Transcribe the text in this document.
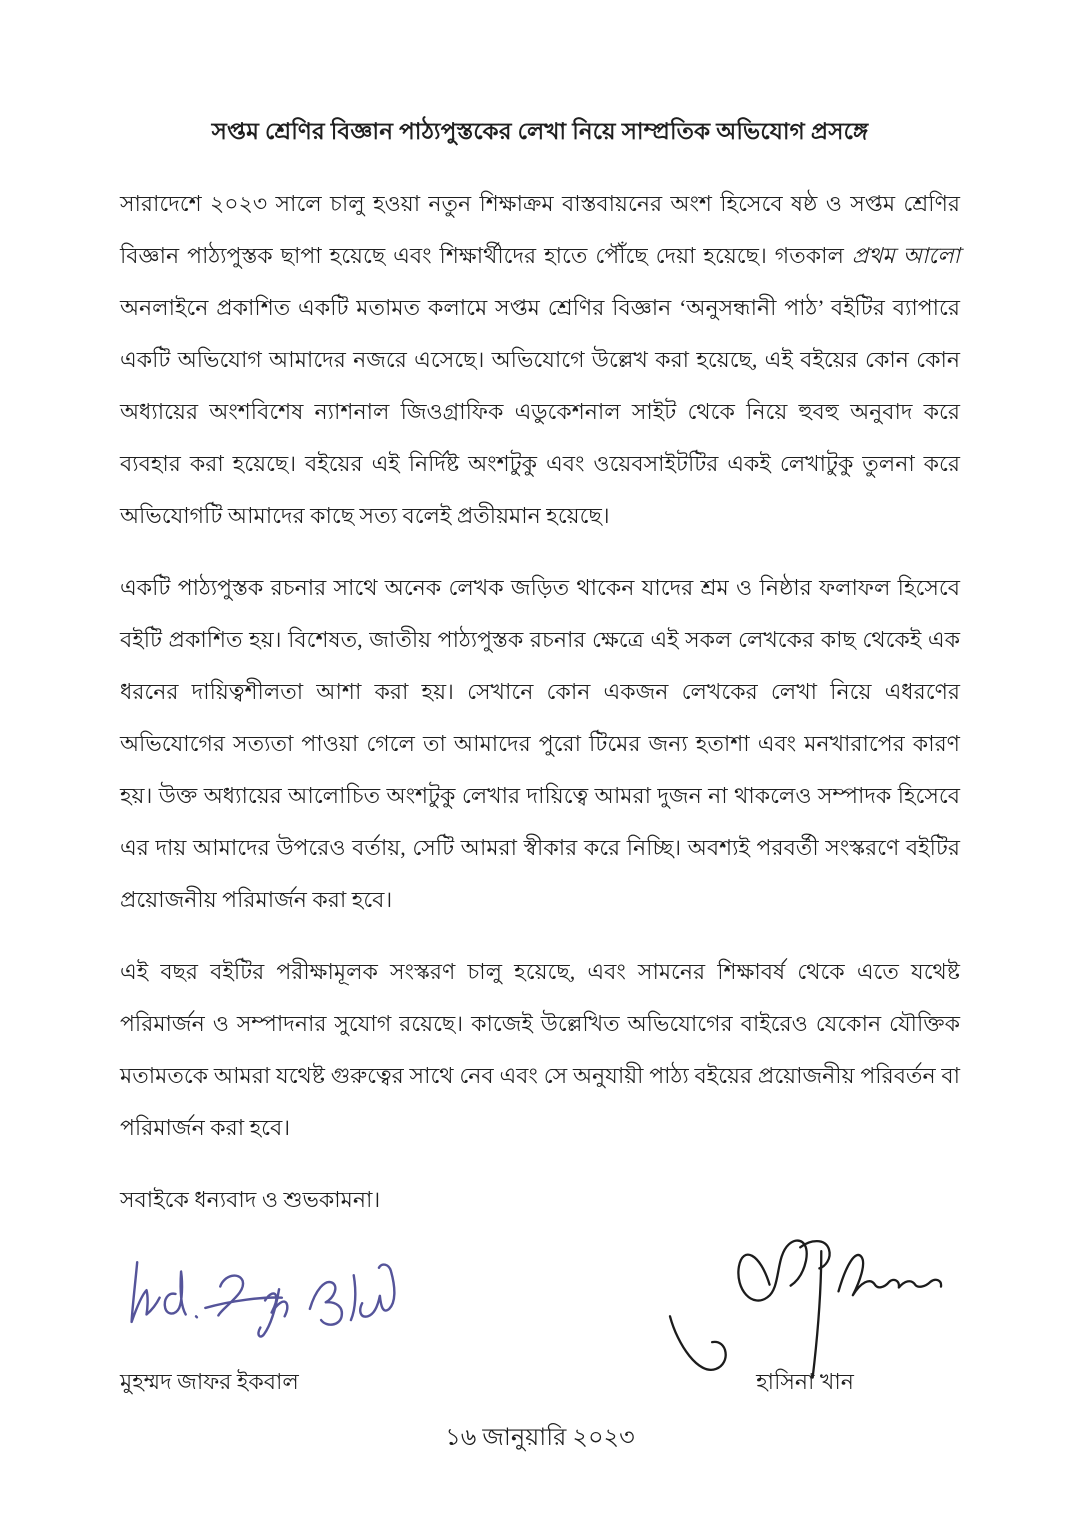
সপ্তম শ্রেণির বিজ্ঞান পাঠ্যপুস্তকের লেখা নিয়ে সাম্প্রতিক অভিযোগ প্রসঙ্গে

সারাদেশে ২০২৩ সালে চালু হওয়া নতুন শিক্ষাক্রম বাস্তবায়নের অংশ হিসেবে ষষ্ঠ ও সপ্তম শ্রেণির বিজ্ঞান পাঠ্যপুস্তক ছাপা হয়েছে এবং শিক্ষার্থীদের হাতে পৌঁছে দেয়া হয়েছে। গতকাল প্রথম আলো অনলাইনে প্রকাশিত একটি মতামত কলামে সপ্তম শ্রেণির বিজ্ঞান ‘অনুসন্ধানী পাঠ’ বইটির ব্যাপারে একটি অভিযোগ আমাদের নজরে এসেছে। অভিযোগে উল্লেখ করা হয়েছে, এই বইয়ের কোন কোন অধ্যায়ের অংশবিশেষ ন্যাশনাল জিওগ্রাফিক এডুকেশনাল সাইট থেকে নিয়ে হুবহু অনুবাদ করে ব্যবহার করা হয়েছে। বইয়ের এই নির্দিষ্ট অংশটুকু এবং ওয়েবসাইটটির একই লেখাটুকু তুলনা করে অভিযোগটি আমাদের কাছে সত্য বলেই প্রতীয়মান হয়েছে।

একটি পাঠ্যপুস্তক রচনার সাথে অনেক লেখক জড়িত থাকেন যাদের শ্রম ও নিষ্ঠার ফলাফল হিসেবে বইটি প্রকাশিত হয়। বিশেষত, জাতীয় পাঠ্যপুস্তক রচনার ক্ষেত্রে এই সকল লেখকের কাছ থেকেই এক ধরনের দায়িত্বশীলতা আশা করা হয়। সেখানে কোন একজন লেখকের লেখা নিয়ে এধরণের অভিযোগের সত্যতা পাওয়া গেলে তা আমাদের পুরো টিমের জন্য হতাশা এবং মনখারাপের কারণ হয়। উক্ত অধ্যায়ের আলোচিত অংশটুকু লেখার দায়িত্বে আমরা দুজন না থাকলেও সম্পাদক হিসেবে এর দায় আমাদের উপরেও বর্তায়, সেটি আমরা স্বীকার করে নিচ্ছি। অবশ্যই পরবর্তী সংস্করণে বইটির প্রয়োজনীয় পরিমার্জন করা হবে।

এই বছর বইটির পরীক্ষামূলক সংস্করণ চালু হয়েছে, এবং সামনের শিক্ষাবর্ষ থেকে এতে যথেষ্ট পরিমার্জন ও সম্পাদনার সুযোগ রয়েছে। কাজেই উল্লেখিত অভিযোগের বাইরেও যেকোন যৌক্তিক মতামতকে আমরা যথেষ্ট গুরুত্বের সাথে নেব এবং সে অনুযায়ী পাঠ্য বইয়ের প্রয়োজনীয় পরিবর্তন বা পরিমার্জন করা হবে।

সবাইকে ধন্যবাদ ও শুভকামনা।

মুহম্মদ জাফর ইকবাল	হাসিনা খান
১৬ জানুয়ারি ২০২৩
